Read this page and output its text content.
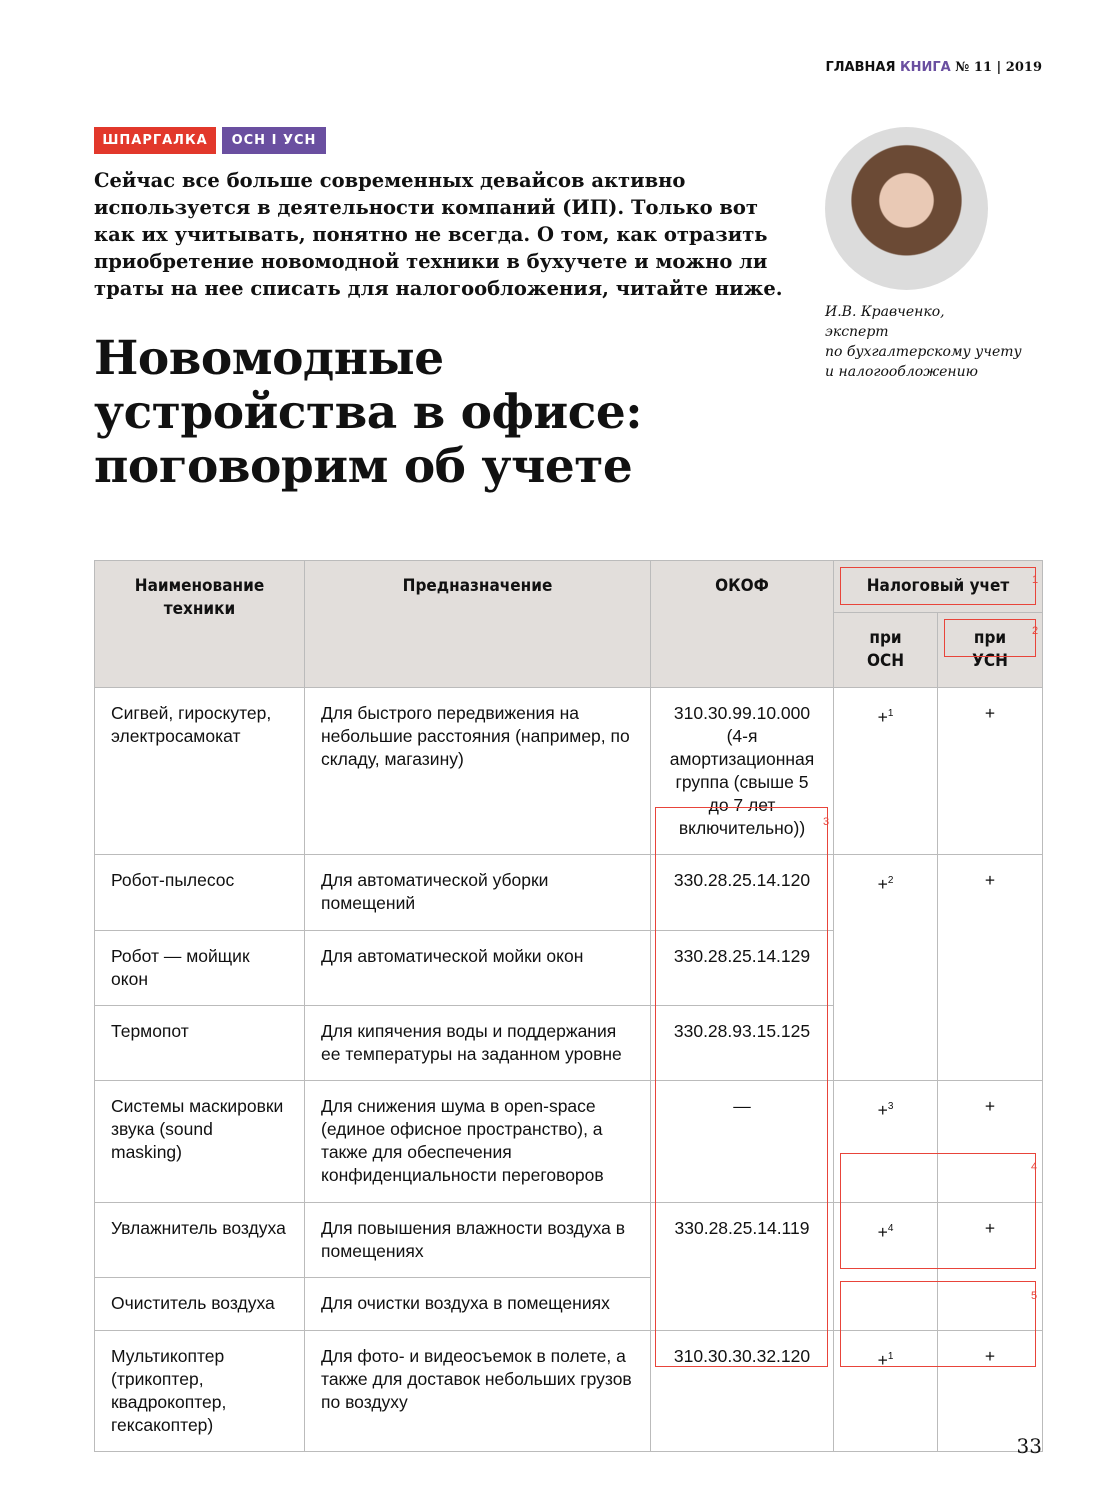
ГЛАВНАЯ КНИГА № 11 | 2019
ШПАРГАЛКА	ОСН I УСН
Сейчас все больше современных девайсов активно используется в деятельности компаний (ИП). Только вот как их учитывать, понятно не всегда. О том, как отразить приобретение новомодной техники в бухучете и можно ли траты на нее списать для налогообложения, читайте ниже.
Новомодные устройства в офисе: поговорим об учете
И.В. Кравченко,
эксперт
по бухгалтерскому учету
и налогообложению
Наименование техники	Предназначение	ОКОФ	Налоговый учет	
			при ОСН	при УСН
Сигвей, гироскутер, электросамокат	Для быстрого передвижения на небольшие расстояния (например, по складу, магазину)	310.30.99.10.000 (4-я амортизационная группа (свыше 5 до 7 лет включительно))	+$^1$	+
Робот-пылесос	Для автоматической уборки помещений	330.28.25.14.120	+$^2$	+
Робот — мойщик окон	Для автоматической мойки окон	330.28.25.14.129		
Термопот	Для кипячения воды и поддержания ее температуры на заданном уровне	330.28.93.15.125		
Системы маскировки звука (sound masking)	Для снижения шума в open-space (единое офисное пространство), а также для обеспечения конфиденциальности переговоров	—	+$^3$	+
Увлажнитель воздуха	Для повышения влажности воздуха в помещениях	330.28.25.14.119	+$^4$	+
Очиститель воздуха	Для очистки воздуха в помещениях			
Мультикоптер (трикоптер, квадрокоптер, гексакоптер)	Для фото- и видеосъемок в полете, а также для доставок небольших грузов по воздуху	310.30.30.32.120	+$^1$	+
1
2
3
4
5
33
